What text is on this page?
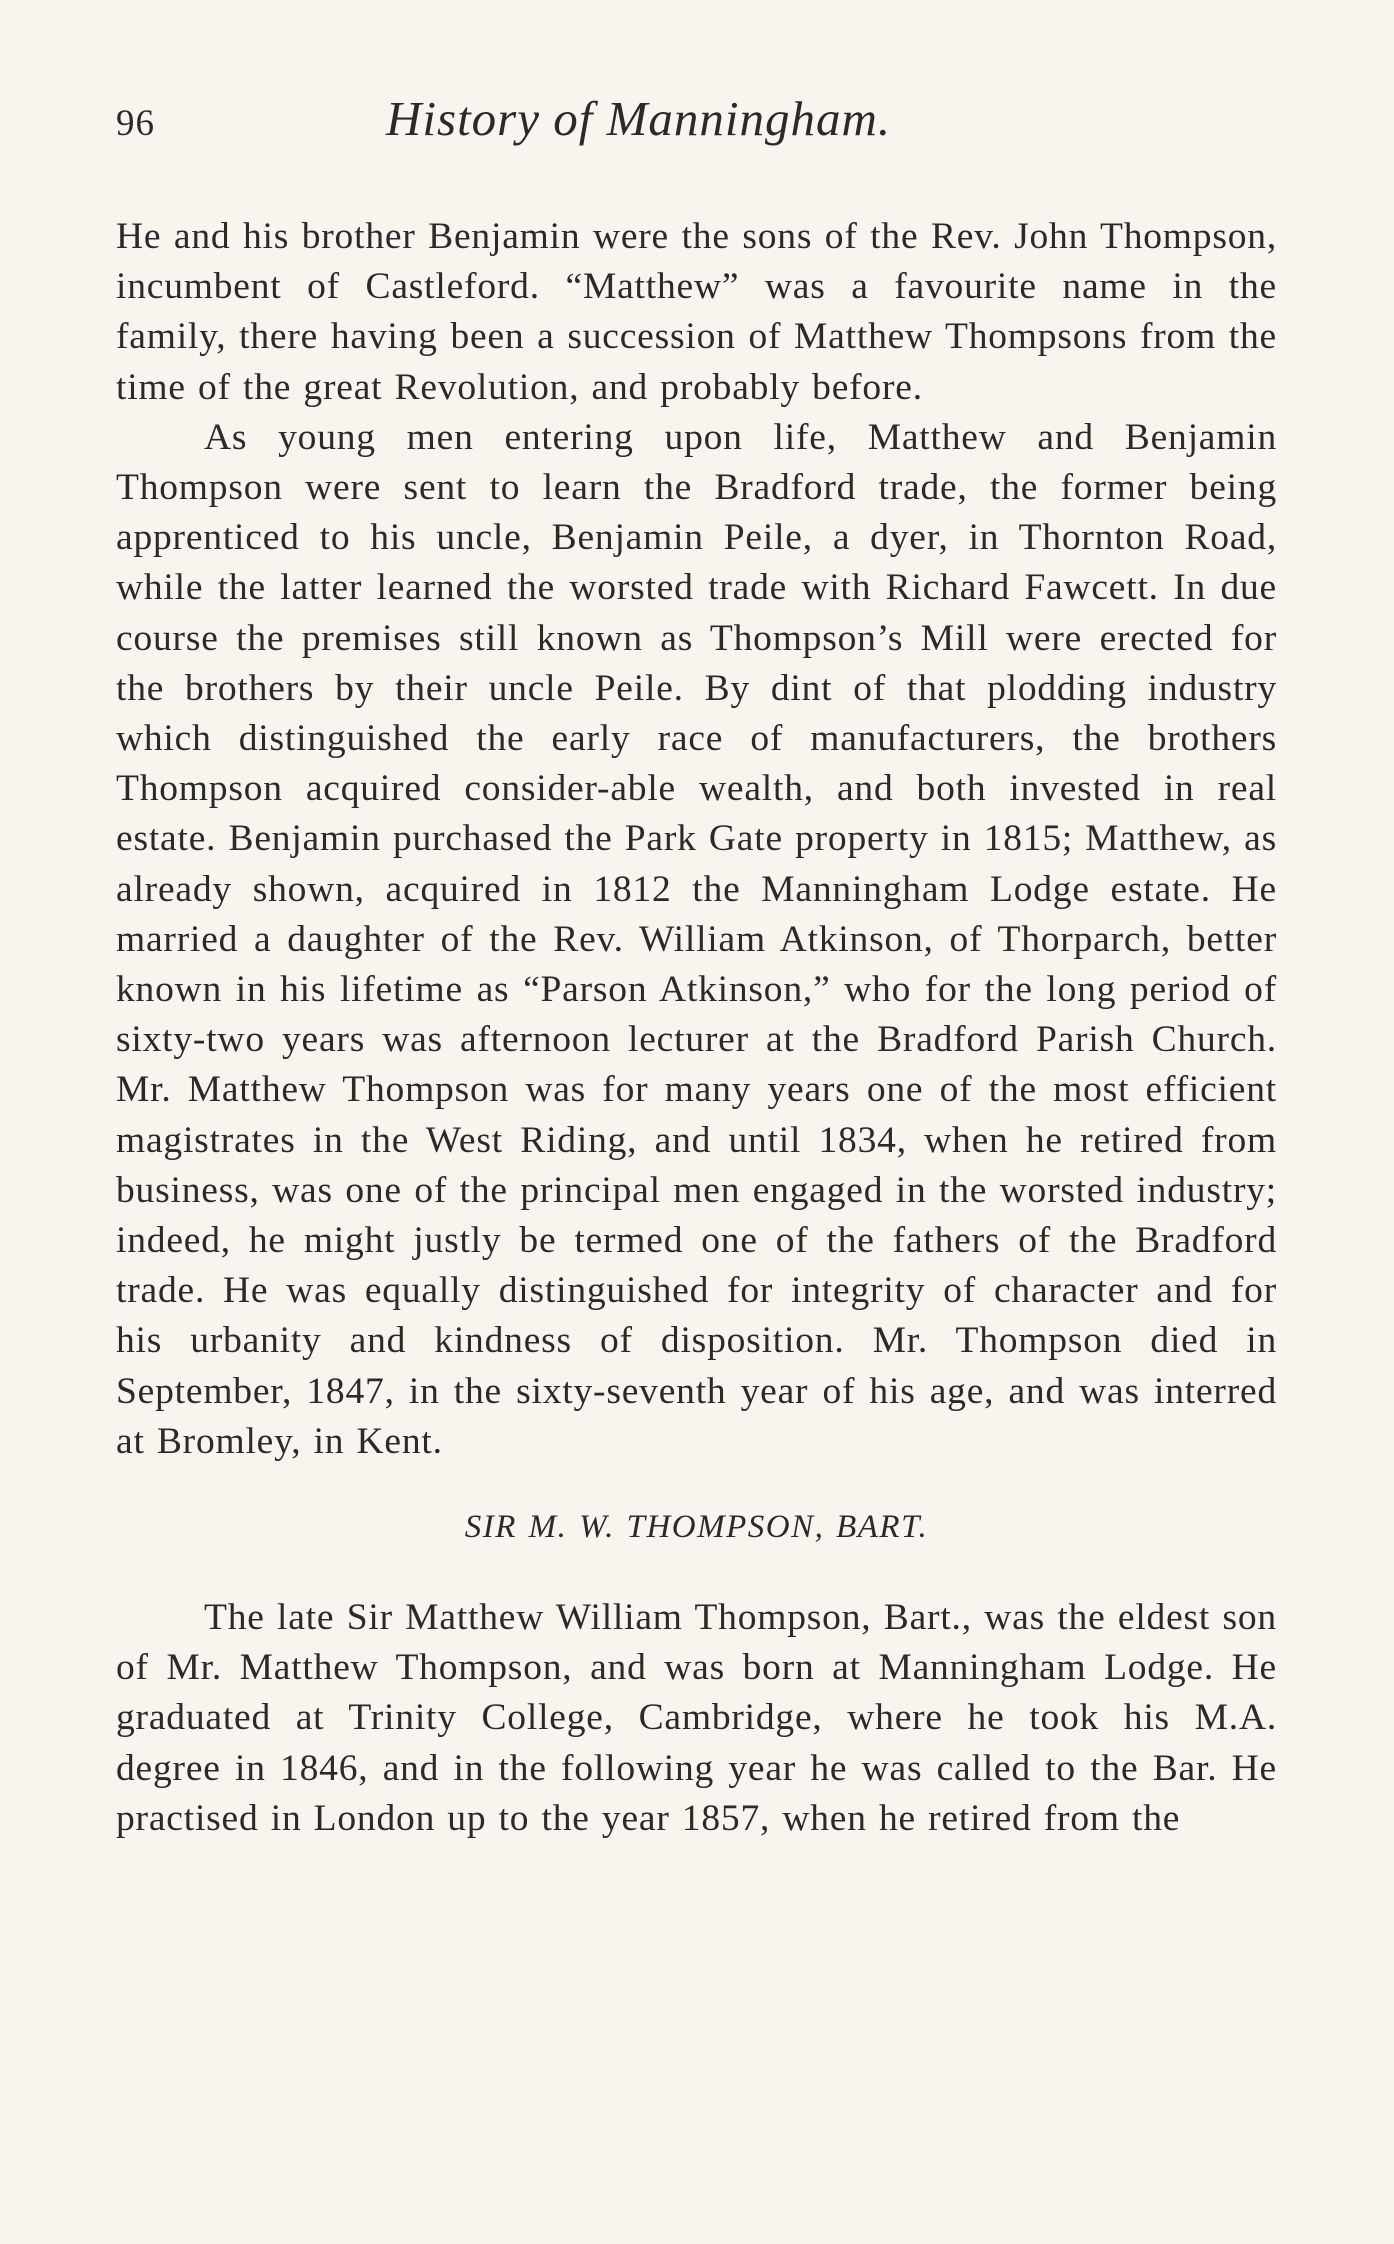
96	History of Manningham.

He and his brother Benjamin were the sons of the Rev. John Thompson, incumbent of Castleford. “Matthew” was a favourite name in the family, there having been a succession of Matthew Thompsons from the time of the great Revolution, and probably before.

As young men entering upon life, Matthew and Benjamin Thompson were sent to learn the Bradford trade, the former being apprenticed to his uncle, Benjamin Peile, a dyer, in Thornton Road, while the latter learned the worsted trade with Richard Fawcett. In due course the premises still known as Thompson’s Mill were erected for the brothers by their uncle Peile. By dint of that plodding industry which distinguished the early race of manufacturers, the brothers Thompson acquired consider-able wealth, and both invested in real estate. Benjamin purchased the Park Gate property in 1815; Matthew, as already shown, acquired in 1812 the Manningham Lodge estate. He married a daughter of the Rev. William Atkinson, of Thorparch, better known in his lifetime as “Parson Atkinson,” who for the long period of sixty-two years was afternoon lecturer at the Bradford Parish Church. Mr. Matthew Thompson was for many years one of the most efficient magistrates in the West Riding, and until 1834, when he retired from business, was one of the principal men engaged in the worsted industry; indeed, he might justly be termed one of the fathers of the Bradford trade. He was equally distinguished for integrity of character and for his urbanity and kindness of disposition. Mr. Thompson died in September, 1847, in the sixty-seventh year of his age, and was interred at Bromley, in Kent.

SIR M. W. THOMPSON, BART.

The late Sir Matthew William Thompson, Bart., was the eldest son of Mr. Matthew Thompson, and was born at Manningham Lodge. He graduated at Trinity College, Cambridge, where he took his M.A. degree in 1846, and in the following year he was called to the Bar. He practised in London up to the year 1857, when he retired from the
